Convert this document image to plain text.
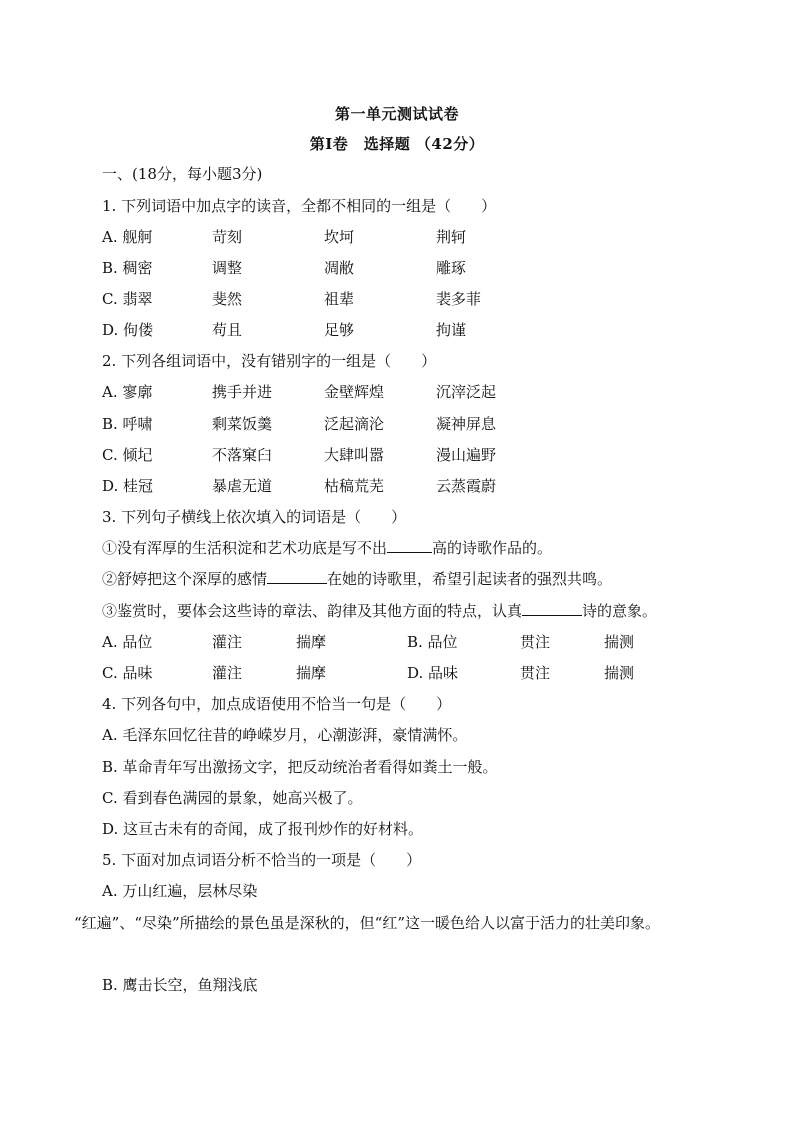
第一单元测试试卷
第Ⅰ卷　选择题 （42分）
一、(18分，每小题3分)
1. 下列词语中加点字的读音，全都不相同的一组是（　　）
A. 舰舸	苛刻	坎坷	荆轲
B. 稠密	调整	凋敝	雕琢
C. 翡翠	斐然	祖辈	裴多菲
D. 佝偻	苟且	足够	拘谨
2. 下列各组词语中，没有错别字的一组是（　　）
A. 寥廓	携手并进	金壁辉煌	沉滓泛起
B. 呼啸	剩菜饭羹	泛起滴沦	凝神屏息
C. 倾圮	不落窠臼	大肆叫嚣	漫山遍野
D. 桂冠	暴虐无道	枯稿荒芜	云蒸霞蔚
3. 下列句子横线上依次填入的词语是（　　）
①没有浑厚的生活积淀和艺术功底是写不出	高的诗歌作品的。
②舒婷把这个深厚的感情	在她的诗歌里，希望引起读者的强烈共鸣。
③鉴赏时，要体会这些诗的章法、韵律及其他方面的特点，认真	诗的意象。
A. 品位	灌注	揣摩	B. 品位	贯注	揣测
C. 品味	灌注	揣摩	D. 品味	贯注	揣测
4. 下列各句中，加点成语使用不恰当一句是（　　）
A. 毛泽东回忆往昔的峥嵘岁月，心潮澎湃，豪情满怀。
B. 革命青年写出激扬文字，把反动统治者看得如粪土一般。
C. 看到春色满园的景象，她高兴极了。
D. 这亘古未有的奇闻，成了报刊炒作的好材料。
5. 下面对加点词语分析不恰当的一项是（　　）
A. 万山红遍，层林尽染
“红遍”、“尽染”所描绘的景色虽是深秋的，但“红”这一暖色给人以富于活力的壮美印象。
B. 鹰击长空，鱼翔浅底
